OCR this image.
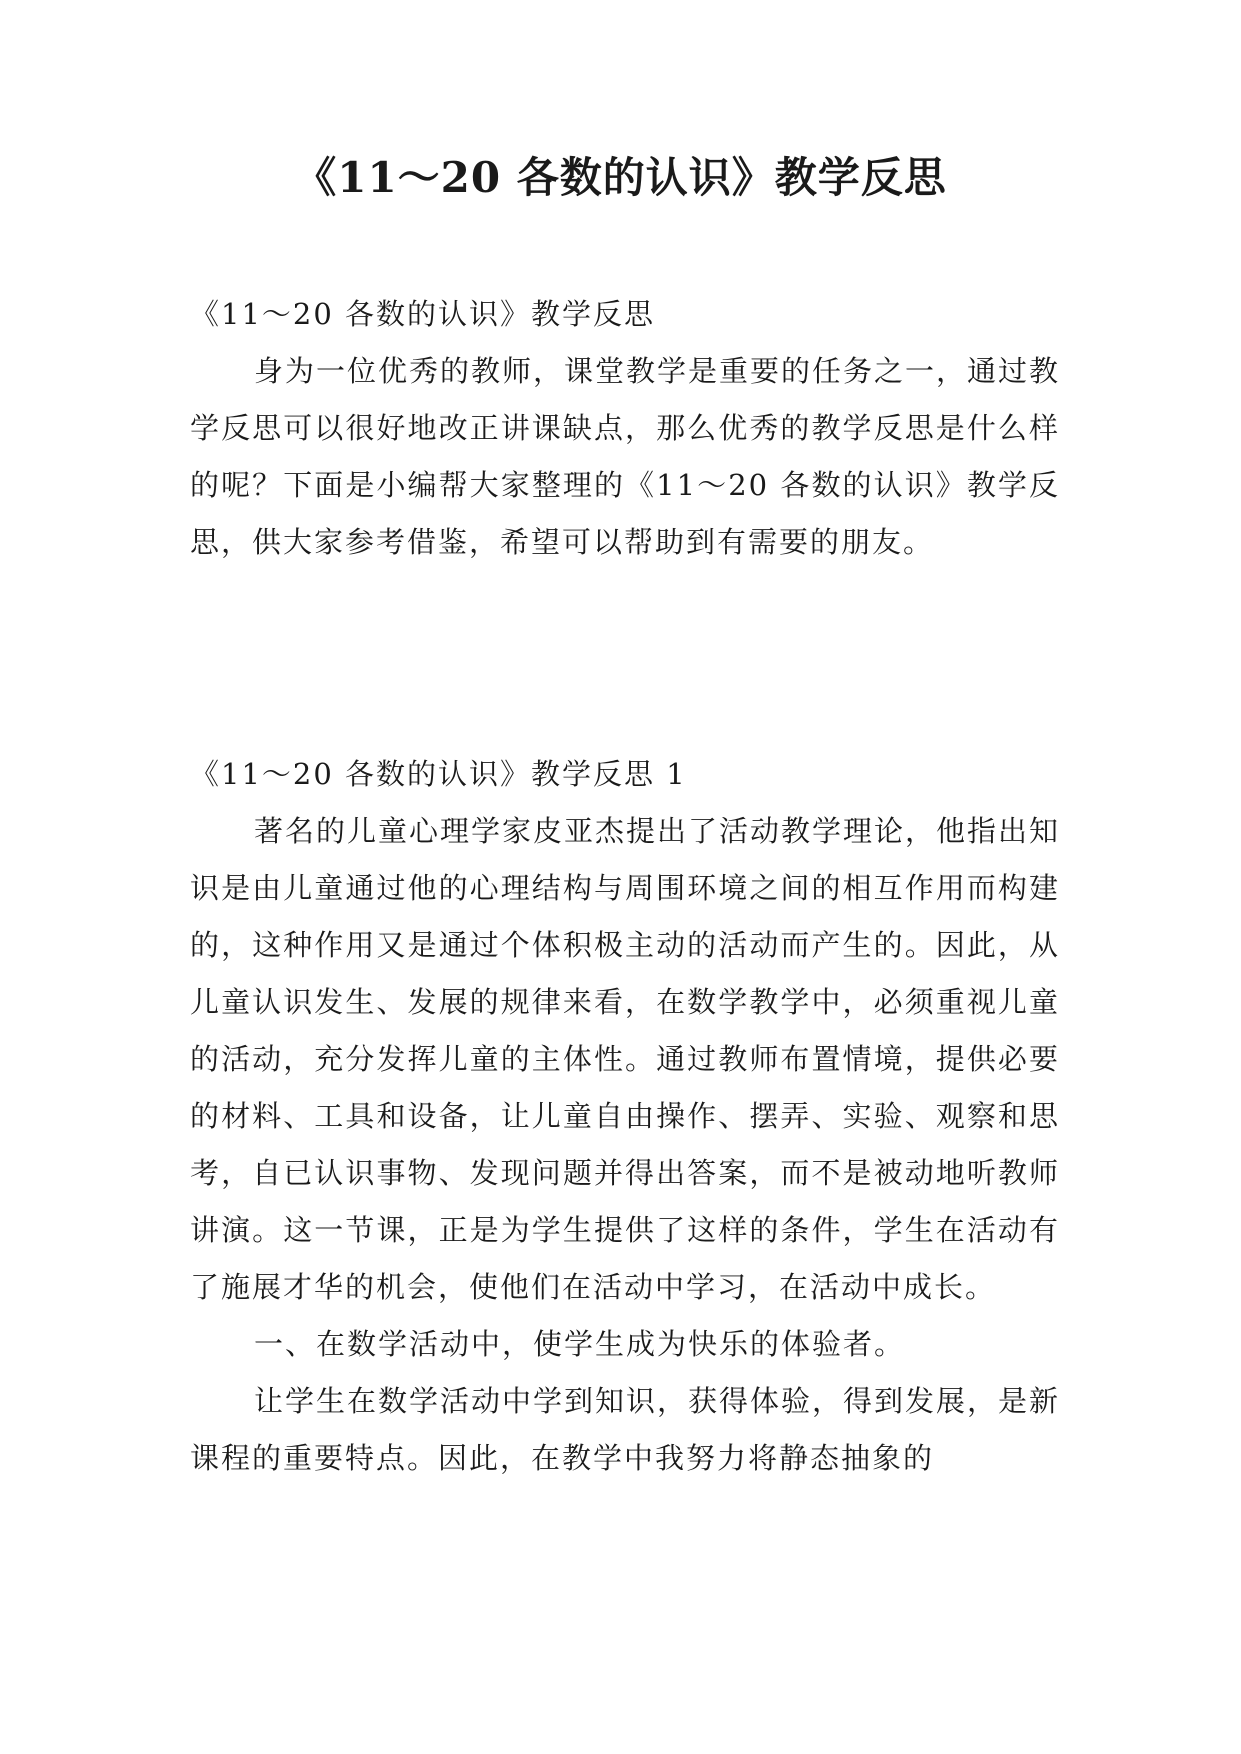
《11～20 各数的认识》教学反思

《11～20 各数的认识》教学反思

身为一位优秀的教师，课堂教学是重要的任务之一，通过教学反思可以很好地改正讲课缺点，那么优秀的教学反思是什么样的呢？下面是小编帮大家整理的《11～20 各数的认识》教学反思，供大家参考借鉴，希望可以帮助到有需要的朋友。

《11～20 各数的认识》教学反思 1

著名的儿童心理学家皮亚杰提出了活动教学理论，他指出知识是由儿童通过他的心理结构与周围环境之间的相互作用而构建的，这种作用又是通过个体积极主动的活动而产生的。因此，从儿童认识发生、发展的规律来看，在数学教学中，必须重视儿童的活动，充分发挥儿童的主体性。通过教师布置情境，提供必要的材料、工具和设备，让儿童自由操作、摆弄、实验、观察和思考，自已认识事物、发现问题并得出答案，而不是被动地听教师讲演。这一节课，正是为学生提供了这样的条件，学生在活动有了施展才华的机会，使他们在活动中学习，在活动中成长。

一、在数学活动中，使学生成为快乐的体验者。

让学生在数学活动中学到知识，获得体验，得到发展，是新课程的重要特点。因此，在教学中我努力将静态抽象的
